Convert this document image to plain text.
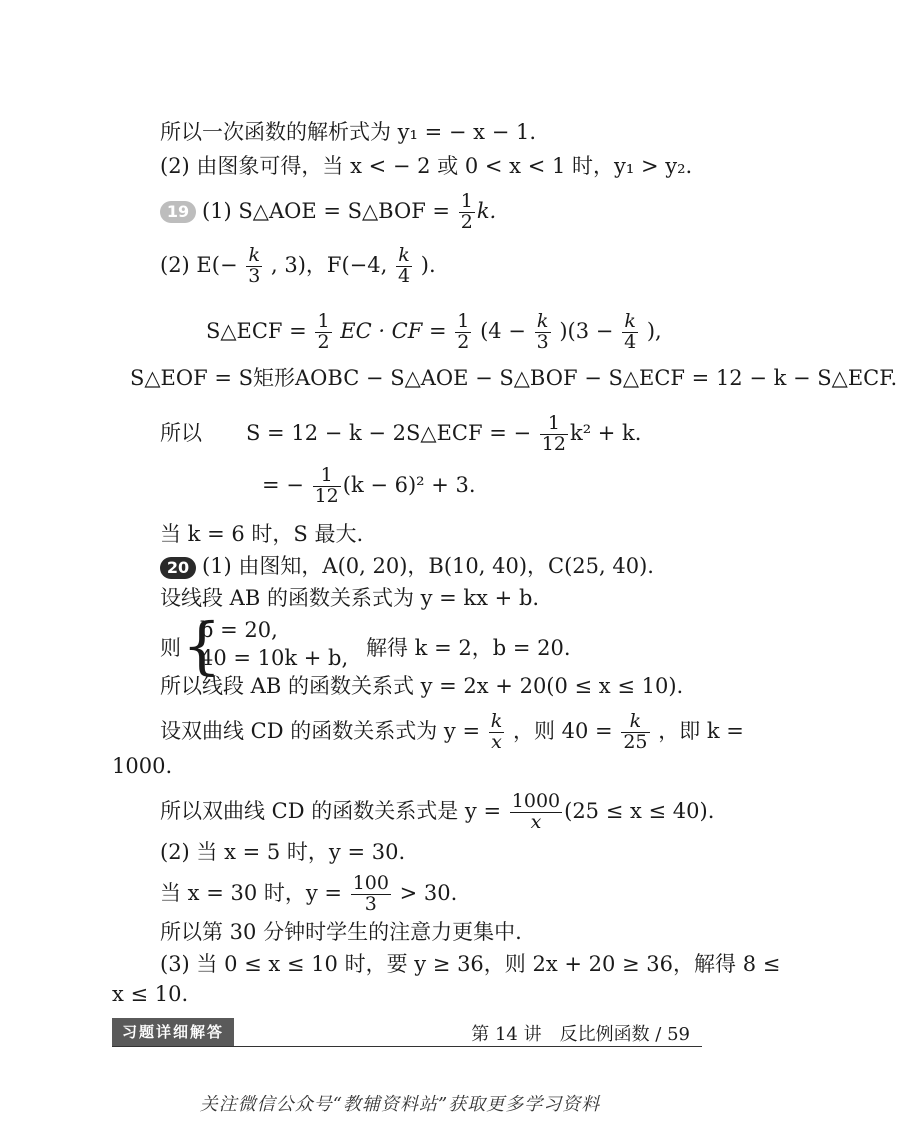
所以一次函数的解析式为 y₁ = − x − 1.
(2) 由图象可得，当 x < − 2 或 0 < x < 1 时，y₁ > y₂.
19 (1) S△AOE = S△BOF = $\frac{1}{2} k$.
(2) $E(- \frac{k}{3}$ , 3)，F(−4, $\frac{k}{4}$ ).
S△ECF = $\frac{1}{2}$ EC · CF = $\frac{1}{2} (4 - \frac{k}{3} )(3 - \frac{k}{4}$ ),
S△EOF = S矩形AOBC − S△AOE − S△BOF − S△ECF = 12 − k − S△ECF.
所以 S = 12 − k − 2S△ECF = − $\frac{1}{12} k^2 + k$.
= − $\frac{1}{12} (k - 6)^2 + 3$.
当 k = 6 时，S 最大.
20 (1) 由图知，A(0, 20)，B(10, 40)，C(25, 40).
设线段 AB 的函数关系式为 y = kx + b.
则 {
b = 20,
40 = 10k + b, 解得 k = 2，b = 20.
所以线段 AB 的函数关系式 y = 2x + 20(0 ≤ x ≤ 10).
设双曲线 CD 的函数关系式为 $y = \frac{k}{x}$ ，则 $40 = \frac{k}{25}$ ，即 k =
1000.
所以双曲线 CD 的函数关系式是 $y = \frac{1000}{x} (25 \le x \le 40)$.
(2) 当 x = 5 时，y = 30.
当 x = 30 时，$y = \frac{100}{3} > 30$.
所以第 30 分钟时学生的注意力更集中.
(3) 当 0 ≤ x ≤ 10 时，要 y ≥ 36，则 2x + 20 ≥ 36，解得 8 ≤
x ≤ 10.
习题详细解答	第 14 讲　反比例函数 / 59
关注微信公众号“教辅资料站”获取更多学习资料
